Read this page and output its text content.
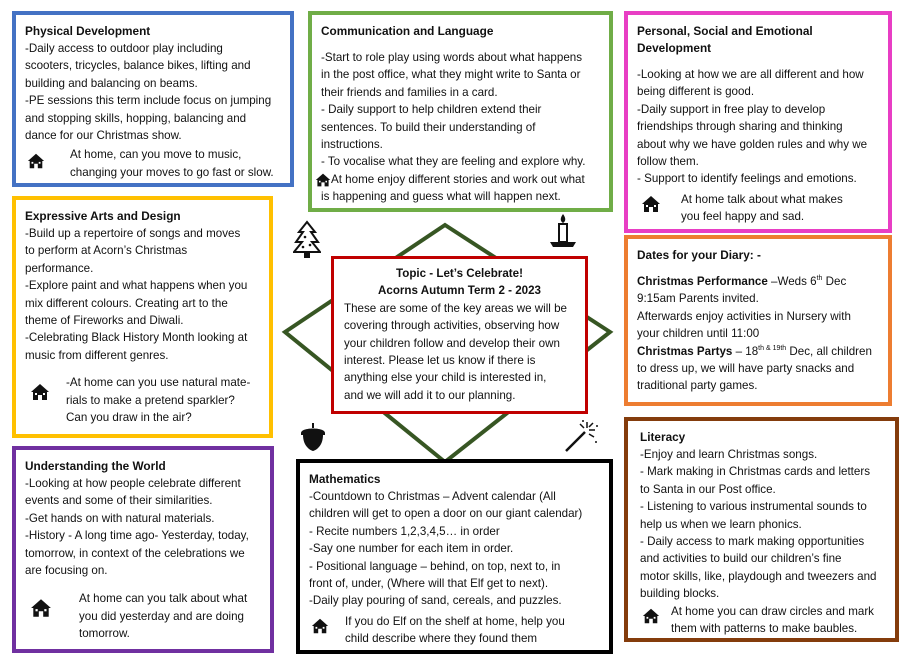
Physical Development
-Daily access to outdoor play including
scooters, tricycles, balance bikes, lifting and
building and balancing on beams.
-PE sessions this term include focus on jumping
and stopping skills, hopping, balancing and
dance for our Christmas show.
At home, can you move to music,
changing your moves to go fast or slow.
Communication and Language
-Start to role play using words about what happens
in the post office, what they might write to Santa or
their friends and families in a card.
- Daily support to help children extend their
sentences. To build their understanding of
instructions.
- To vocalise what they are feeling and explore why.
At home enjoy different stories and work out what
is happening and guess what will happen next.
Personal, Social and Emotional
Development
-Looking at how we are all different and how
being different is good.
-Daily support in free play to develop
friendships through sharing and thinking
about why we have golden rules and why we
follow them.
- Support to identify feelings and emotions.
At home talk about what makes
you feel happy and sad.
Expressive Arts and Design
-Build up a repertoire of songs and moves
to perform at Acorn’s Christmas
performance.
-Explore paint and what happens when you
mix different colours. Creating art to the
theme of Fireworks and Diwali.
-Celebrating Black History Month looking at
music from different genres.
-At home can you use natural mate-
rials to make a pretend sparkler?
Can you draw in the air?
Dates for your Diary: -
Christmas Performance –Weds 6th Dec
9:15am Parents invited.
Afterwards enjoy activities in Nursery with
your children until 11:00
Christmas Partys – $18^{th \& 19th}$ Dec, all children
to dress up, we will have party snacks and
traditional party games.
Understanding the World
-Looking at how people celebrate different
events and some of their similarities.
-Get hands on with natural materials.
-History - A long time ago- Yesterday, today,
tomorrow, in context of the celebrations we
are focusing on.
At home can you talk about what
you did yesterday and are doing
tomorrow.
Mathematics
-Countdown to Christmas – Advent calendar (All
children will get to open a door on our giant calendar)
- Recite numbers 1,2,3,4,5… in order
-Say one number for each item in order.
- Positional language – behind, on top, next to, in
front of, under, (Where will that Elf get to next).
-Daily play pouring of sand, cereals, and puzzles.
If you do Elf on the shelf at home, help you
child describe where they found them
Literacy
-Enjoy and learn Christmas songs.
- Mark making in Christmas cards and letters
to Santa in our Post office.
- Listening to various instrumental sounds to
help us when we learn phonics.
- Daily access to mark making opportunities
and activities to build our children’s fine
motor skills, like, playdough and tweezers and
building blocks.
At home you can draw circles and mark
them with patterns to make baubles.
Topic - Let’s Celebrate!
Acorns Autumn Term 2 - 2023
These are some of the key areas we will be
covering through activities, observing how
your children follow and develop their own
interest. Please let us know if there is
anything else your child is interested in,
and we will add it to our planning.
